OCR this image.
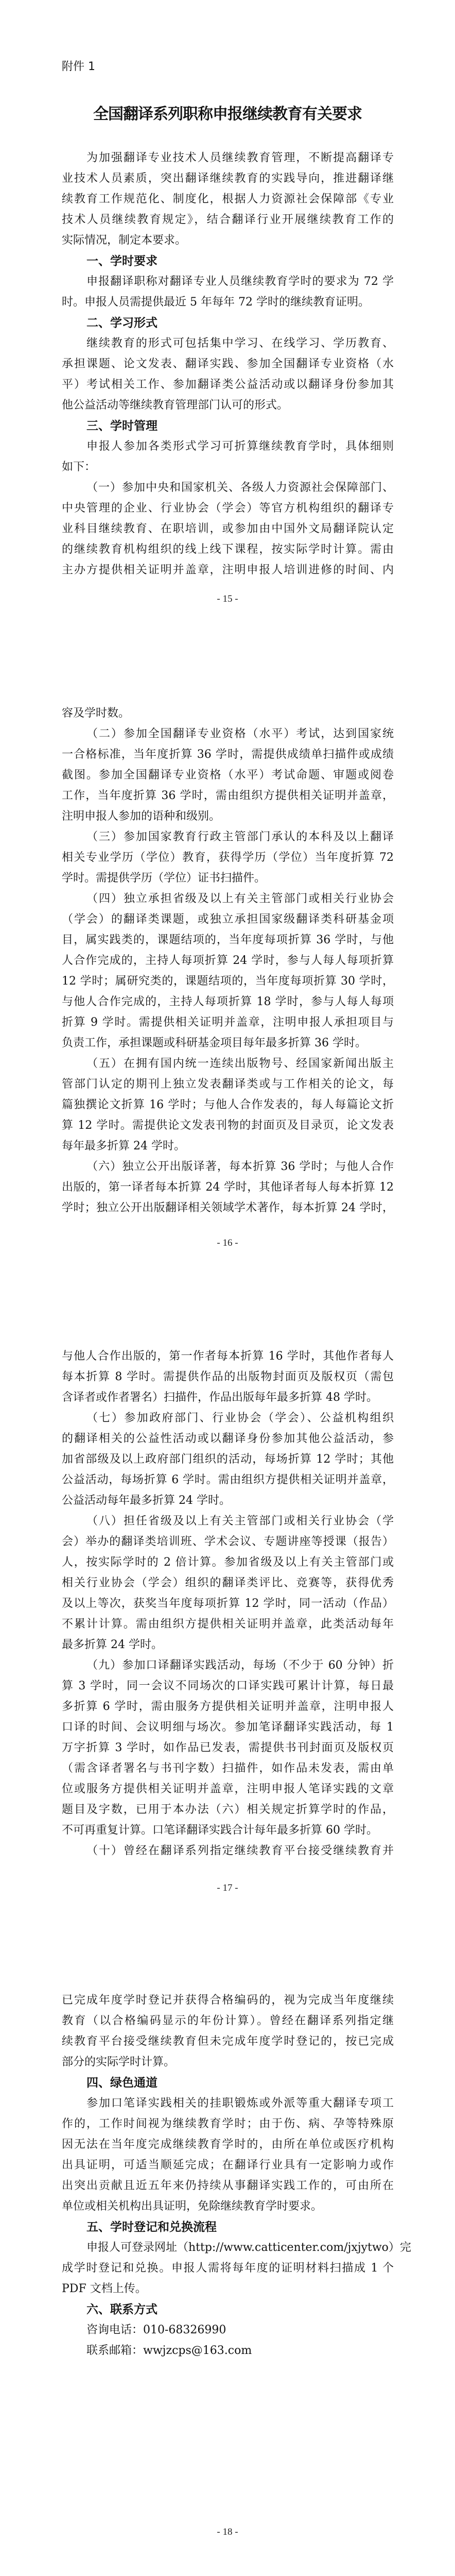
附件 1
全国翻译系列职称申报继续教育有关要求
为加强翻译专业技术人员继续教育管理，不断提高翻译专
业技术人员素质，突出翻译继续教育的实践导向，推进翻译继
续教育工作规范化、制度化，根据人力资源社会保障部《专业
技术人员继续教育规定》，结合翻译行业开展继续教育工作的
实际情况，制定本要求。
一、学时要求
申报翻译职称对翻译专业人员继续教育学时的要求为 72 学
时。申报人员需提供最近 5 年每年 72 学时的继续教育证明。
二、学习形式
继续教育的形式可包括集中学习、在线学习、学历教育、
承担课题、论文发表、翻译实践、参加全国翻译专业资格（水
平）考试相关工作、参加翻译类公益活动或以翻译身份参加其
他公益活动等继续教育管理部门认可的形式。
三、学时管理
申报人参加各类形式学习可折算继续教育学时，具体细则
如下：
（一）参加中央和国家机关、各级人力资源社会保障部门、
中央管理的企业、行业协会（学会）等官方机构组织的翻译专
业科目继续教育、在职培训，或参加由中国外文局翻译院认定
的继续教育机构组织的线上线下课程，按实际学时计算。需由
主办方提供相关证明并盖章，注明申报人培训进修的时间、内
- 15 -
容及学时数。
（二）参加全国翻译专业资格（水平）考试，达到国家统
一合格标准，当年度折算 36 学时，需提供成绩单扫描件或成绩
截图。参加全国翻译专业资格（水平）考试命题、审题或阅卷
工作，当年度折算 36 学时，需由组织方提供相关证明并盖章，
注明申报人参加的语种和级别。
（三）参加国家教育行政主管部门承认的本科及以上翻译
相关专业学历（学位）教育，获得学历（学位）当年度折算 72
学时。需提供学历（学位）证书扫描件。
（四）独立承担省级及以上有关主管部门或相关行业协会
（学会）的翻译类课题，或独立承担国家级翻译类科研基金项
目，属实践类的，课题结项的，当年度每项折算 36 学时，与他
人合作完成的，主持人每项折算 24 学时，参与人每人每项折算
12 学时；属研究类的，课题结项的，当年度每项折算 30 学时，
与他人合作完成的，主持人每项折算 18 学时，参与人每人每项
折算 9 学时。需提供相关证明并盖章，注明申报人承担项目与
负责工作，承担课题或科研基金项目每年最多折算 36 学时。
（五）在拥有国内统一连续出版物号、经国家新闻出版主
管部门认定的期刊上独立发表翻译类或与工作相关的论文，每
篇独撰论文折算 16 学时；与他人合作发表的，每人每篇论文折
算 12 学时。需提供论文发表刊物的封面页及目录页，论文发表
每年最多折算 24 学时。
（六）独立公开出版译著，每本折算 36 学时；与他人合作
出版的，第一译者每本折算 24 学时，其他译者每人每本折算 12
学时；独立公开出版翻译相关领域学术著作，每本折算 24 学时，
- 16 -
与他人合作出版的，第一作者每本折算 16 学时，其他作者每人
每本折算 8 学时。需提供作品的出版物封面页及版权页（需包
含译者或作者署名）扫描件，作品出版每年最多折算 48 学时。
（七）参加政府部门、行业协会（学会）、公益机构组织
的翻译相关的公益性活动或以翻译身份参加其他公益活动，参
加省部级及以上政府部门组织的活动，每场折算 12 学时；其他
公益活动，每场折算 6 学时。需由组织方提供相关证明并盖章，
公益活动每年最多折算 24 学时。
（八）担任省级及以上有关主管部门或相关行业协会（学
会）举办的翻译类培训班、学术会议、专题讲座等授课（报告）
人，按实际学时的 2 倍计算。参加省级及以上有关主管部门或
相关行业协会（学会）组织的翻译类评比、竞赛等，获得优秀
及以上等次，获奖当年度每项折算 12 学时，同一活动（作品）
不累计计算。需由组织方提供相关证明并盖章，此类活动每年
最多折算 24 学时。
（九）参加口译翻译实践活动，每场（不少于 60 分钟）折
算 3 学时，同一会议不同场次的口译实践可累计计算，每日最
多折算 6 学时，需由服务方提供相关证明并盖章，注明申报人
口译的时间、会议明细与场次。参加笔译翻译实践活动，每 1
万字折算 3 学时，如作品已发表，需提供书刊封面页及版权页
（需含译者署名与书刊字数）扫描件，如作品未发表，需由单
位或服务方提供相关证明并盖章，注明申报人笔译实践的文章
题目及字数，已用于本办法（六）相关规定折算学时的作品，
不可再重复计算。口笔译翻译实践合计每年最多折算 60 学时。
（十）曾经在翻译系列指定继续教育平台接受继续教育并
- 17 -
已完成年度学时登记并获得合格编码的，视为完成当年度继续
教育（以合格编码显示的年份计算）。曾经在翻译系列指定继
续教育平台接受继续教育但未完成年度学时登记的，按已完成
部分的实际学时计算。
四、绿色通道
参加口笔译实践相关的挂职锻炼或外派等重大翻译专项工
作的，工作时间视为继续教育学时；由于伤、病、孕等特殊原
因无法在当年度完成继续教育学时的，由所在单位或医疗机构
出具证明，可适当顺延完成；在翻译行业具有一定影响力或作
出突出贡献且近五年来仍持续从事翻译实践工作的，可由所在
单位或相关机构出具证明，免除继续教育学时要求。
五、学时登记和兑换流程
申报人可登录网址（http://www.catticenter.com/jxjytwo）完
成学时登记和兑换。申报人需将每年度的证明材料扫描成 1 个
PDF 文档上传。
六、联系方式
咨询电话：010-68326990
联系邮箱：wwjzcps@163.com
- 18 -
